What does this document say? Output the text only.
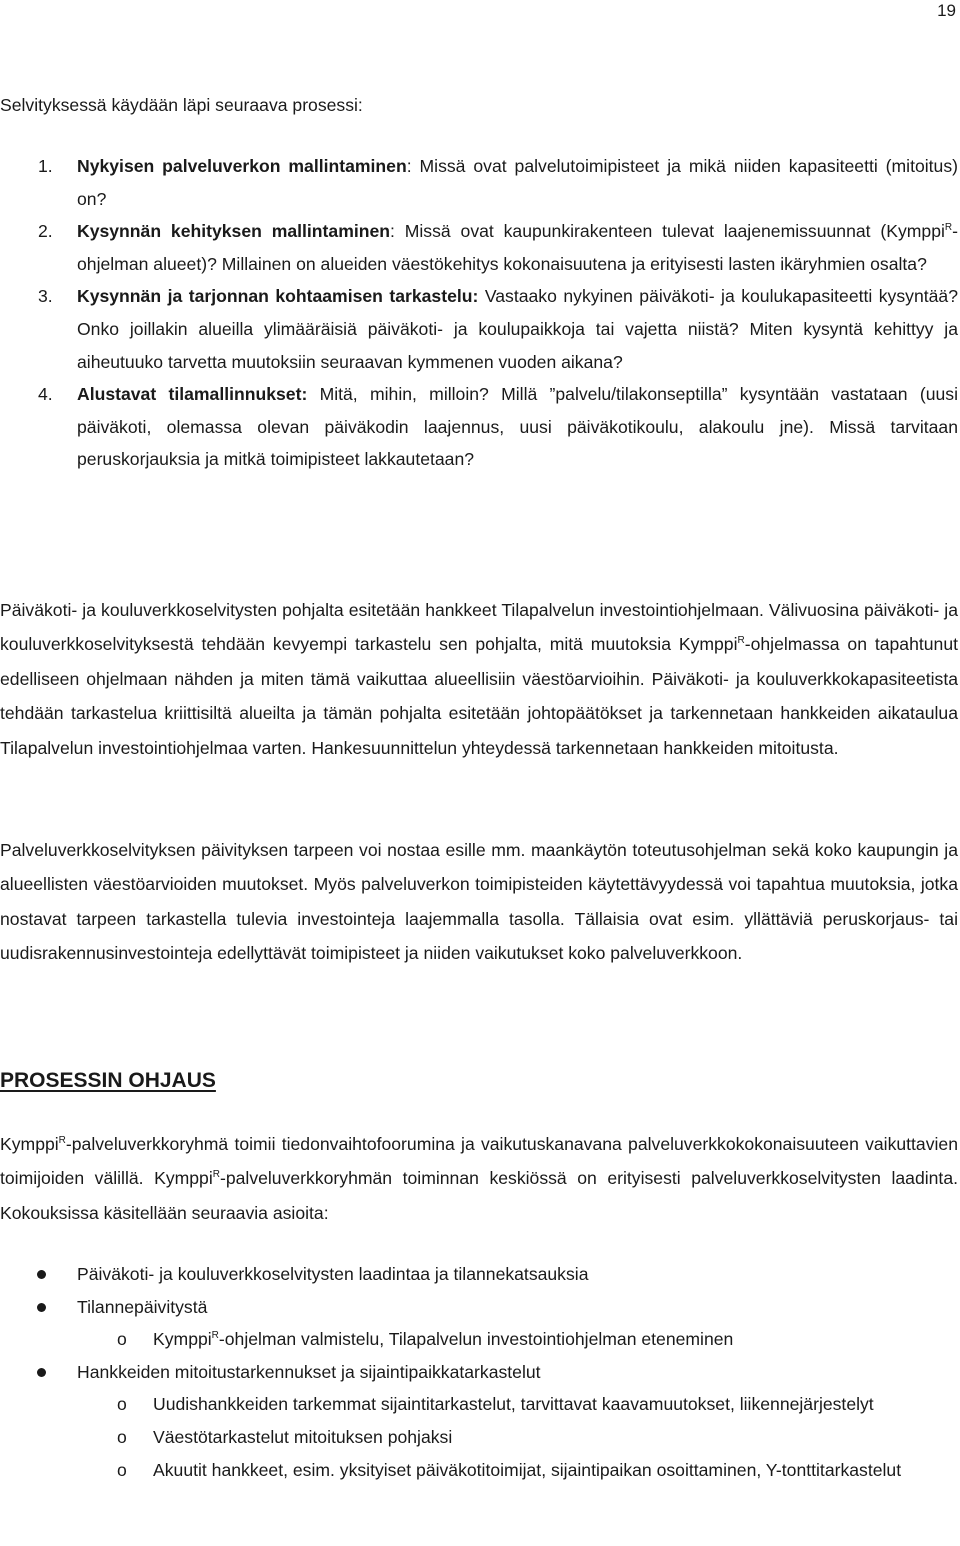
19

Selvityksessä käydään läpi seuraava prosessi:

1. Nykyisen palveluverkon mallintaminen: Missä ovat palvelutoimipisteet ja mikä niiden kapasiteetti (mitoitus) on?
2. Kysynnän kehityksen mallintaminen: Missä ovat kaupunkirakenteen tulevat laajenemissuunnat (Kymppi$^R$-ohjelman alueet)? Millainen on alueiden väestökehitys kokonaisuutena ja erityisesti lasten ikäryhmien osalta?
3. Kysynnän ja tarjonnan kohtaamisen tarkastelu: Vastaako nykyinen päiväkoti- ja koulukapasiteetti kysyntää? Onko joillakin alueilla ylimääräisiä päiväkoti- ja koulupaikkoja tai vajetta niistä? Miten kysyntä kehittyy ja aiheutuuko tarvetta muutoksiin seuraavan kymmenen vuoden aikana?
4. Alustavat tilamallinnukset: Mitä, mihin, milloin? Millä ”palvelu/tilakonseptilla” kysyntään vastataan (uusi päiväkoti, olemassa olevan päiväkodin laajennus, uusi päiväkotikoulu, alakoulu jne). Missä tarvitaan peruskorjauksia ja mitkä toimipisteet lakkautetaan?

Päiväkoti- ja kouluverkkoselvitysten pohjalta esitetään hankkeet Tilapalvelun investointiohjelmaan. Välivuosina päiväkoti- ja kouluverkkoselvityksestä tehdään kevyempi tarkastelu sen pohjalta, mitä muutoksia Kymppi$^R$-ohjelmassa on tapahtunut edelliseen ohjelmaan nähden ja miten tämä vaikuttaa alueellisiin väestöarvioihin. Päiväkoti- ja kouluverkkokapasiteetista tehdään tarkastelua kriittisiltä alueilta ja tämän pohjalta esitetään johtopäätökset ja tarkennetaan hankkeiden aikataulua Tilapalvelun investointiohjelmaa varten. Hankesuunnittelun yhteydessä tarkennetaan hankkeiden mitoitusta.

Palveluverkkoselvityksen päivityksen tarpeen voi nostaa esille mm. maankäytön toteutusohjelman sekä koko kaupungin ja alueellisten väestöarvioiden muutokset. Myös palveluverkon toimipisteiden käytettävyydessä voi tapahtua muutoksia, jotka nostavat tarpeen tarkastella tulevia investointeja laajemmalla tasolla. Tällaisia ovat esim. yllättäviä peruskorjaus- tai uudisrakennusinvestointeja edellyttävät toimipisteet ja niiden vaikutukset koko palveluverkkoon.

PROSESSIN OHJAUS

Kymppi$^R$-palveluverkkoryhmä toimii tiedonvaihtofoorumina ja vaikutuskanavana palveluverkkokokonaisuuteen vaikuttavien toimijoiden välillä. Kymppi$^R$-palveluverkkoryhmän toiminnan keskiössä on erityisesti palveluverkkoselvitysten laadinta. Kokouksissa käsitellään seuraavia asioita:

Päiväkoti- ja kouluverkkoselvitysten laadintaa ja tilannekatsauksia
Tilannepäivitystä
o Kymppi$^R$-ohjelman valmistelu, Tilapalvelun investointiohjelman eteneminen
Hankkeiden mitoitustarkennukset ja sijaintipaikkatarkastelut
o Uudishankkeiden tarkemmat sijaintitarkastelut, tarvittavat kaavamuutokset, liikennejärjestelyt
o Väestötarkastelut mitoituksen pohjaksi
o Akuutit hankkeet, esim. yksityiset päiväkotitoimijat, sijaintipaikan osoittaminen, Y-tonttitarkastelut
